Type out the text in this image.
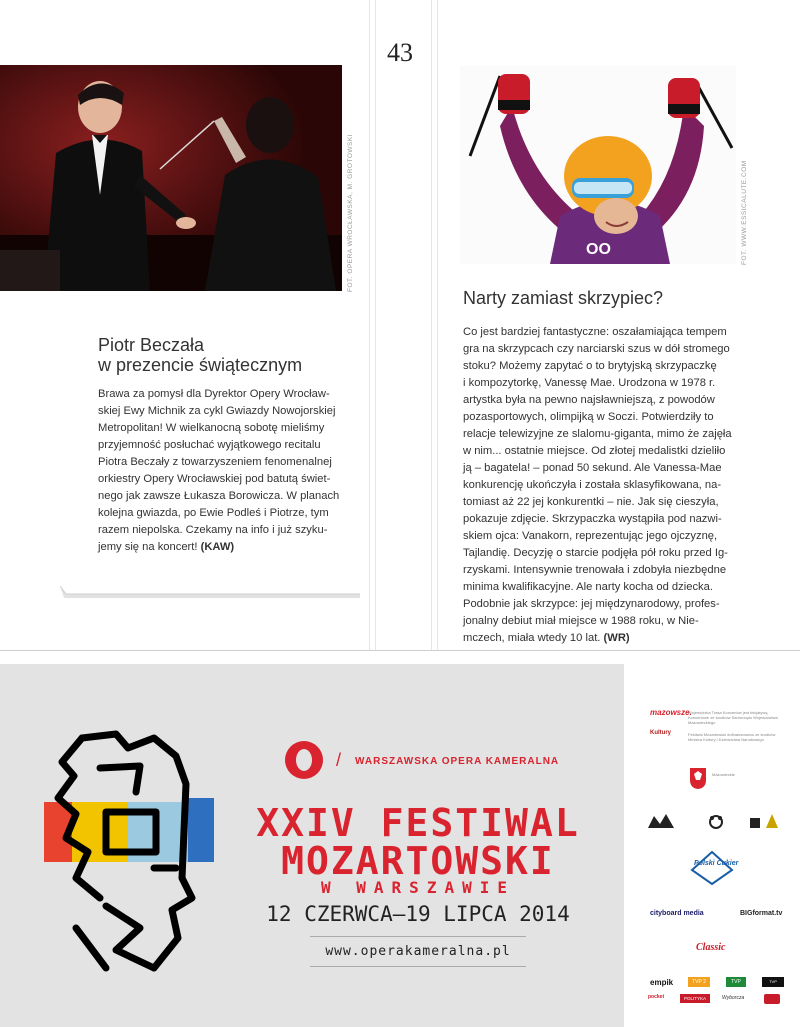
43
FOT. OPERA WROCŁAWSKA, M. GROTOWSKI	OO	FOT. WWW.ESSICALUTE.COM
Piotr Beczała
w prezencie świątecznym
Brawa za pomysł dla Dyrektor Opery Wrocław-
skiej Ewy Michnik za cykl Gwiazdy Nowojorskiej
Metropolitan! W wielkanocną sobotę mieliśmy
przyjemność posłuchać wyjątkowego recitalu
Piotra Beczały z towarzyszeniem fenomenalnej
orkiestry Opery Wrocławskiej pod batutą świet-
nego jak zawsze Łukasza Borowicza. W planach
kolejna gwiazda, po Ewie Podleś i Piotrze, tym
razem niepolska. Czekamy na info i już szyku-
jemy się na koncert! (KAW)
Narty zamiast skrzypiec?
Co jest bardziej fantastyczne: oszałamiająca tempem
gra na skrzypcach czy narciarski szus w dół stromego
stoku? Możemy zapytać o to brytyjską skrzypaczkę
i kompozytorkę, Vanessę Mae. Urodzona w 1978 r.
artystka była na pewno najsławniejszą, z powodów
pozasportowych, olimpijką w Soczi. Potwierdziły to
relacje telewizyjne ze slalomu-giganta, mimo że zajęła
w nim... ostatnie miejsce. Od złotej medalistki dzieliło
ją – bagatela! – ponad 50 sekund. Ale Vanessa-Mae
konkurencję ukończyła i została sklasyfikowana, na-
tomiast aż 22 jej konkurentki – nie. Jak się cieszyła,
pokazuje zdjęcie. Skrzypaczka wystąpiła pod nazwi-
skiem ojca: Vanakorn, reprezentując jego ojczyznę,
Tajlandię. Decyzję o starcie podjęła pół roku przed Ig-
rzyskami. Intensywnie trenowała i zdobyła niezbędne
minima kwalifikacyjne. Ale narty kocha od dziecka.
Podobnie jak skrzypce: jej międzynarodowy, profes-
jonalny debiut miał miejsce w 1988 roku, w Nie-
mczech, miała wtedy 10 lat. (WR)
/ WARSZAWSKA OPERA KAMERALNA
XXIV FESTIWAL
MOZARTOWSKI
W WARSZAWIE
12 CZERWCA–19 LIPCA 2014
www.operakameralna.pl
mazowsze.
Wojewódzka Trasa Koncertów jest inicjatywą Koncertowe ze środków Samorządu Województwa Mazowieckiego
Kultury	Festiwal Mozartowski dofinansowano ze środków Ministra Kultury i Dziedzictwa Narodowego
Mazowieckie
Polski Cukier
cityboard media	BIGformat.tv
Classic
empik	TVP 2	TVP	TVP KULTURA
pocket	POLITYKA	Wyborcza
